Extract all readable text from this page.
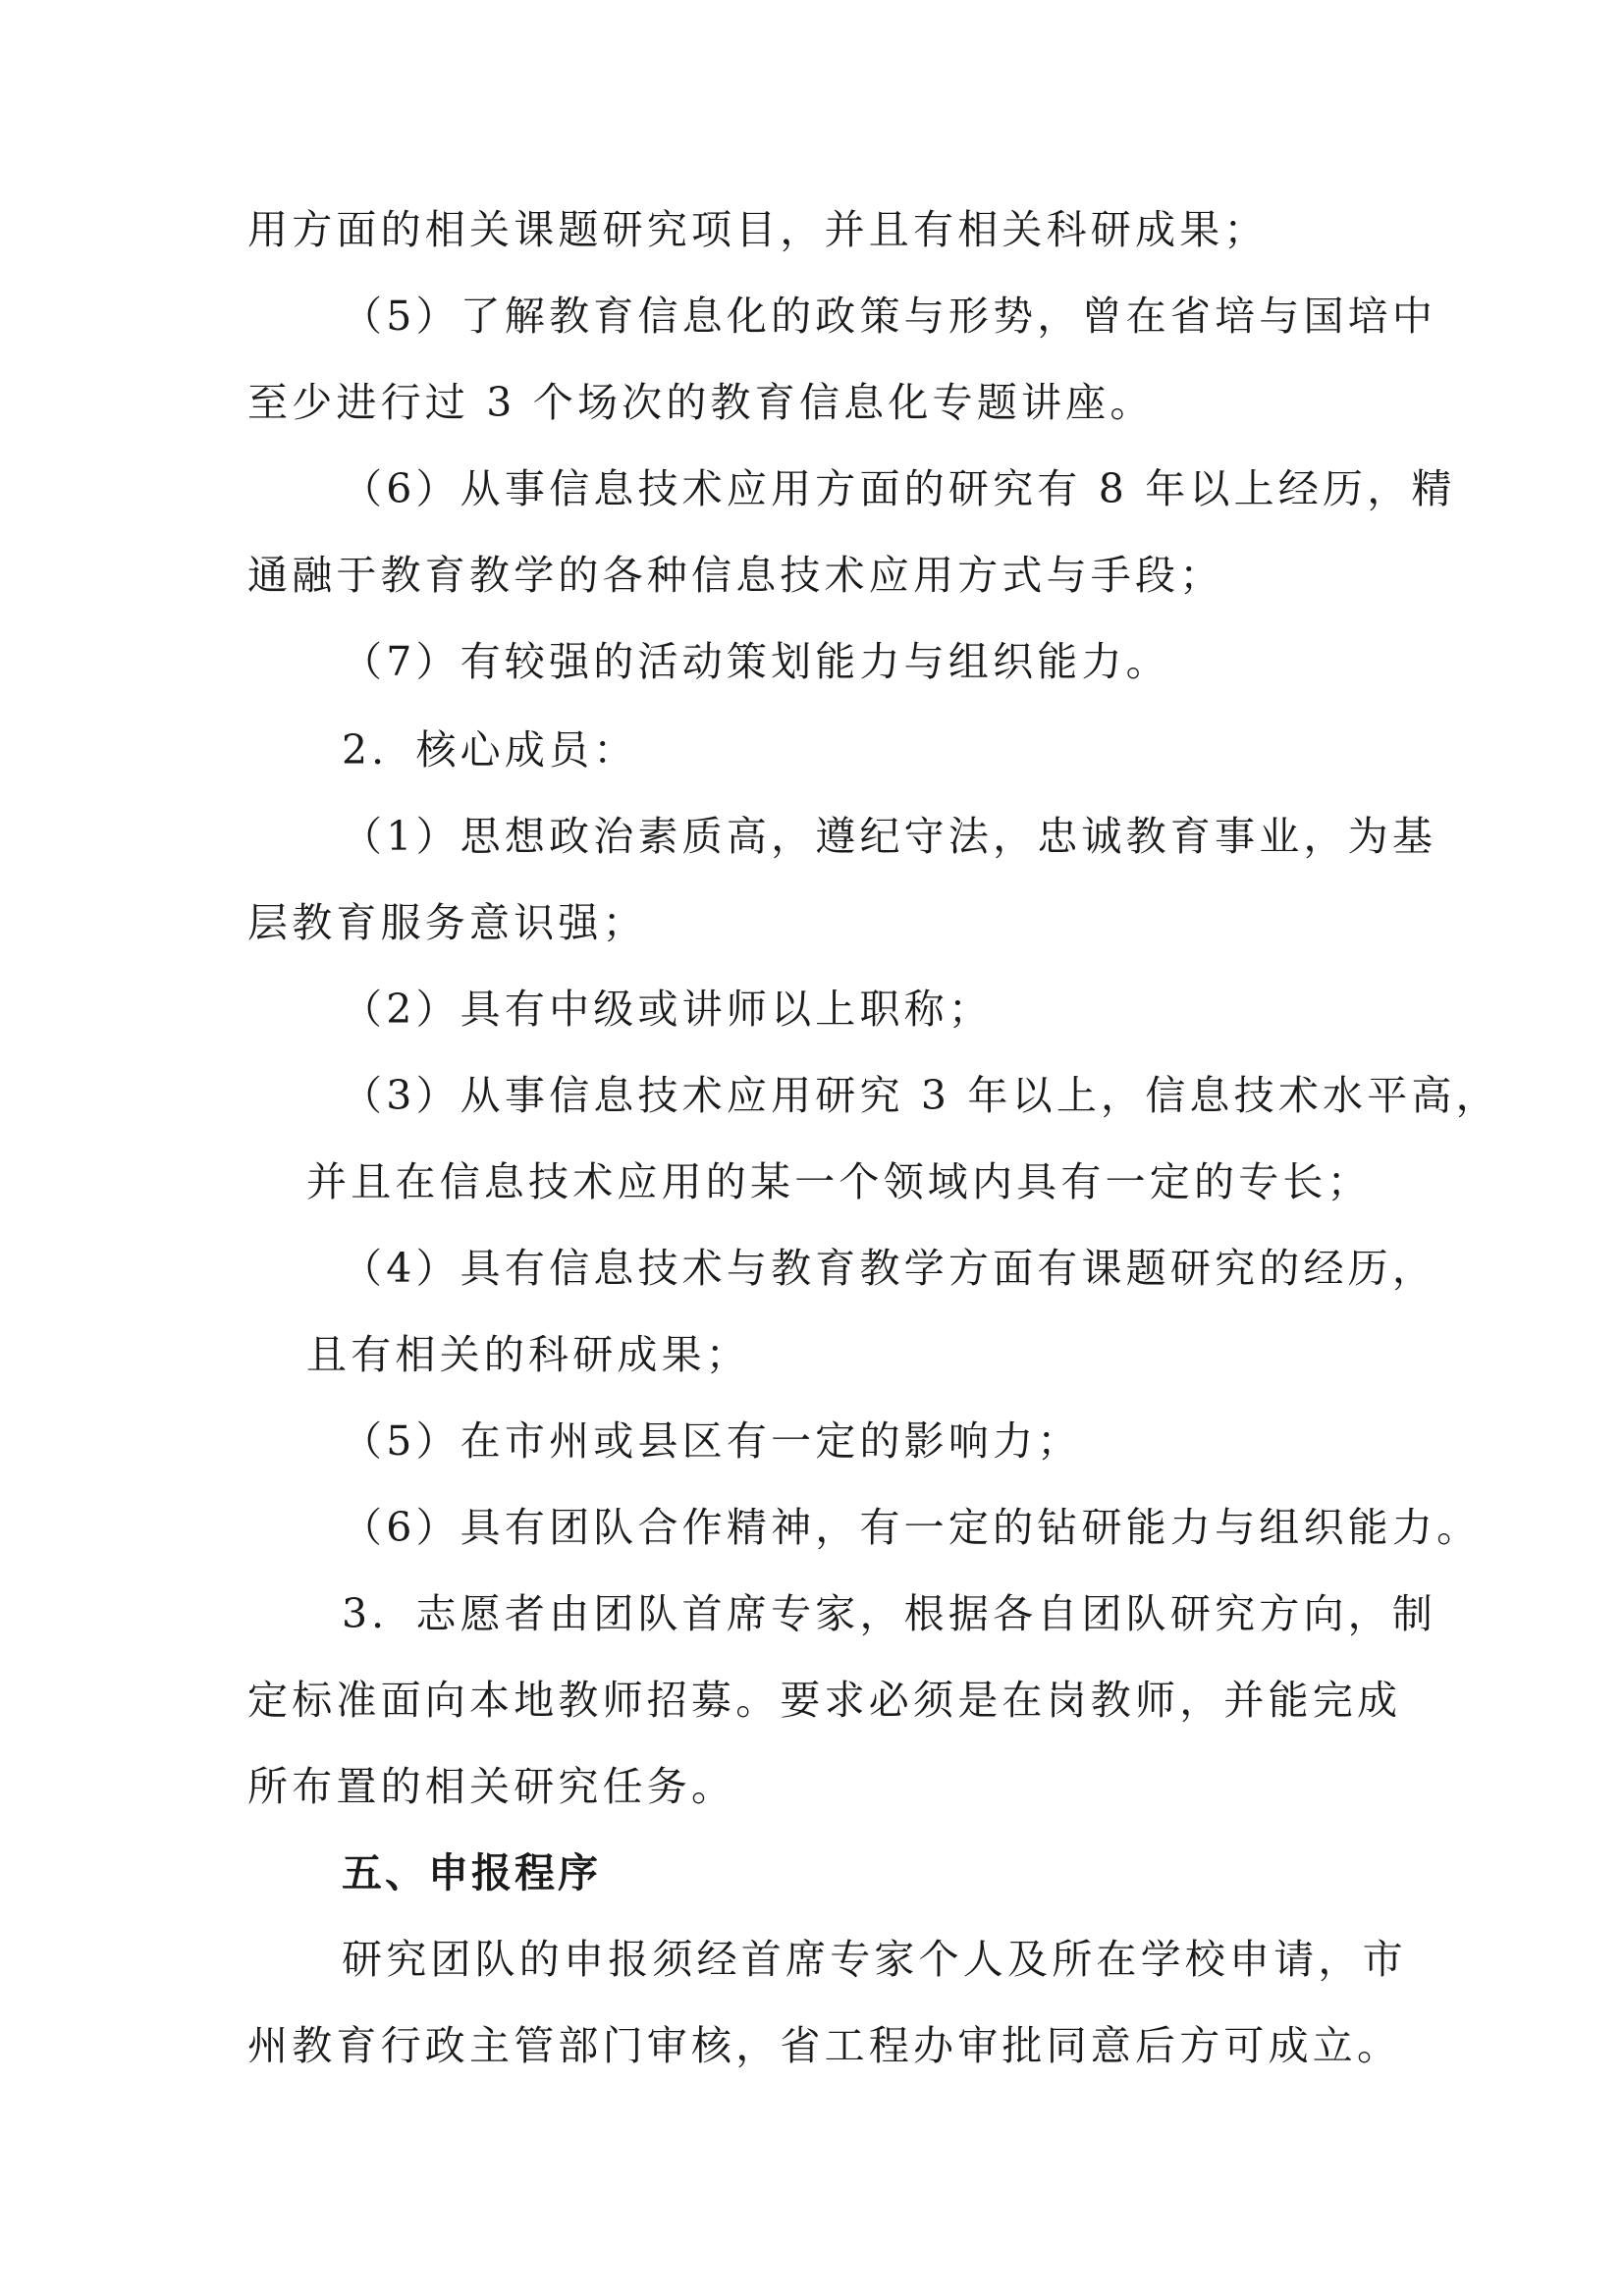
用方面的相关课题研究项目，并且有相关科研成果；
（5）了解教育信息化的政策与形势，曾在省培与国培中
至少进行过 3 个场次的教育信息化专题讲座。
（6）从事信息技术应用方面的研究有 8 年以上经历，精
通融于教育教学的各种信息技术应用方式与手段；
（7）有较强的活动策划能力与组织能力。
2．核心成员：
（1）思想政治素质高，遵纪守法，忠诚教育事业，为基
层教育服务意识强；
（2）具有中级或讲师以上职称；
（3）从事信息技术应用研究 3 年以上，信息技术水平高，
并且在信息技术应用的某一个领域内具有一定的专长；
（4）具有信息技术与教育教学方面有课题研究的经历，
且有相关的科研成果；
（5）在市州或县区有一定的影响力；
（6）具有团队合作精神，有一定的钻研能力与组织能力。
3．志愿者由团队首席专家，根据各自团队研究方向，制
定标准面向本地教师招募。要求必须是在岗教师，并能完成
所布置的相关研究任务。
五、申报程序
研究团队的申报须经首席专家个人及所在学校申请，市
州教育行政主管部门审核，省工程办审批同意后方可成立。
